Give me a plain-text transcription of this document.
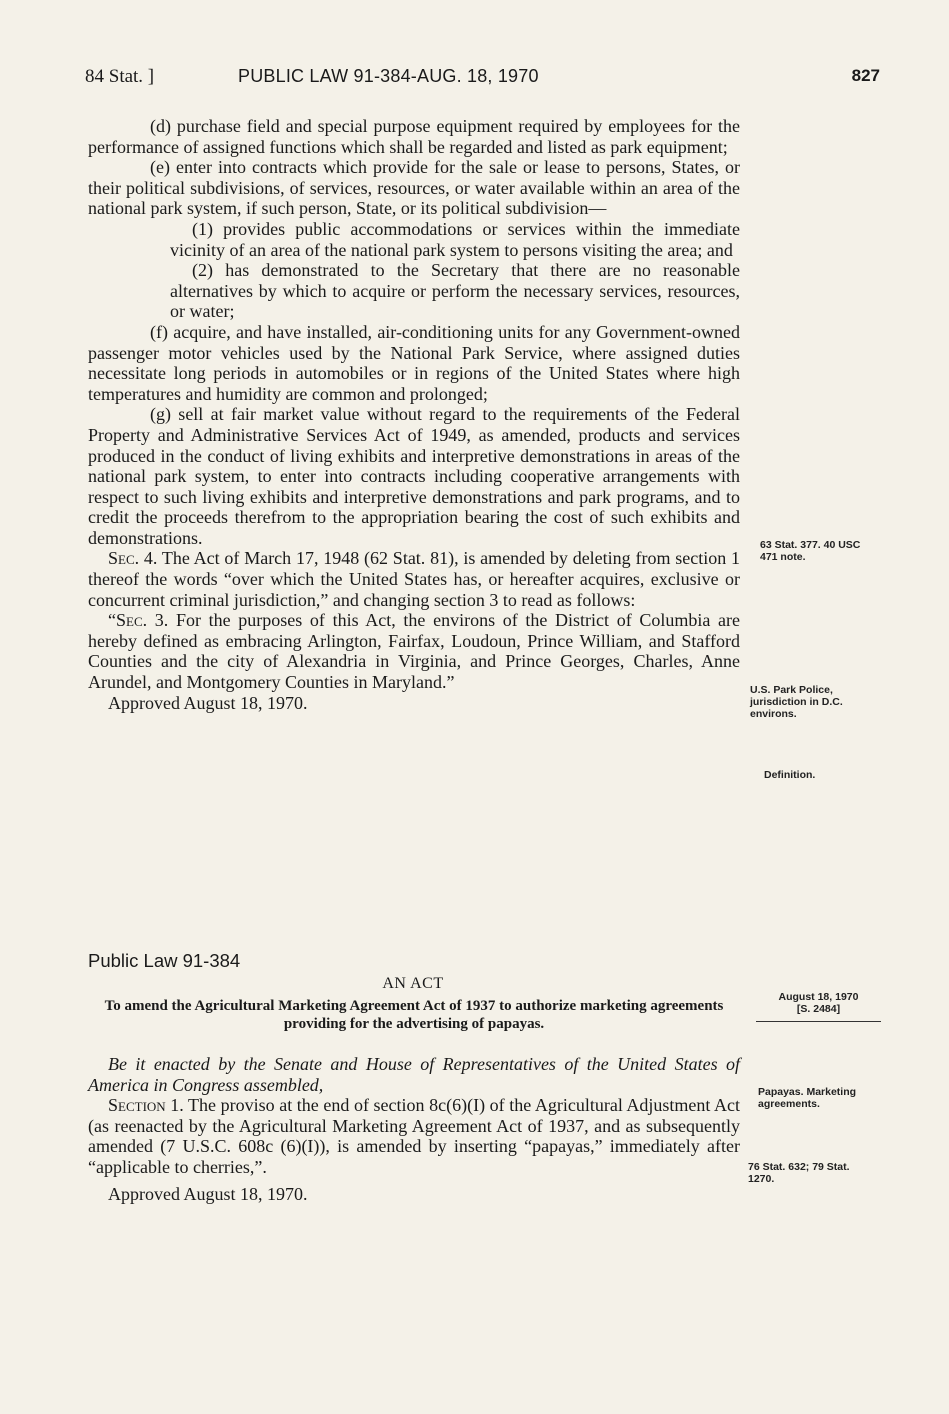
84 Stat. ]	PUBLIC LAW 91-384-AUG. 18, 1970	827

(d) purchase field and special purpose equipment required by employees for the performance of assigned functions which shall be regarded and listed as park equipment;

(e) enter into contracts which provide for the sale or lease to persons, States, or their political subdivisions, of services, resources, or water available within an area of the national park system, if such person, State, or its political subdivision—

(1) provides public accommodations or services within the immediate vicinity of an area of the national park system to persons visiting the area; and

(2) has demonstrated to the Secretary that there are no reasonable alternatives by which to acquire or perform the necessary services, resources, or water;

(f) acquire, and have installed, air-conditioning units for any Government-owned passenger motor vehicles used by the National Park Service, where assigned duties necessitate long periods in automobiles or in regions of the United States where high temperatures and humidity are common and prolonged;

(g) sell at fair market value without regard to the requirements of the Federal Property and Administrative Services Act of 1949, as amended, products and services produced in the conduct of living exhibits and interpretive demonstrations in areas of the national park system, to enter into contracts including cooperative arrangements with respect to such living exhibits and interpretive demonstrations and park programs, and to credit the proceeds therefrom to the appropriation bearing the cost of such exhibits and demonstrations.

Sec. 4. The Act of March 17, 1948 (62 Stat. 81), is amended by deleting from section 1 thereof the words “over which the United States has, or hereafter acquires, exclusive or concurrent criminal jurisdiction,” and changing section 3 to read as follows:

“Sec. 3. For the purposes of this Act, the environs of the District of Columbia are hereby defined as embracing Arlington, Fairfax, Loudoun, Prince William, and Stafford Counties and the city of Alexandria in Virginia, and Prince Georges, Charles, Anne Arundel, and Montgomery Counties in Maryland.”

Approved August 18, 1970.

Public Law 91-384
AN ACT
To amend the Agricultural Marketing Agreement Act of 1937 to authorize marketing agreements providing for the advertising of papayas.

Be it enacted by the Senate and House of Representatives of the United States of America in Congress assembled,

Section 1. The proviso at the end of section 8c(6)(I) of the Agricultural Adjustment Act (as reenacted by the Agricultural Marketing Agreement Act of 1937, and as subsequently amended (7 U.S.C. 608c (6)(I)), is amended by inserting “papayas,” immediately after “applicable to cherries,”.

Approved August 18, 1970.

63 Stat. 377. 40 USC 471 note.
U.S. Park Police, jurisdiction in D.C. environs.
Definition.
August 18, 1970
[S. 2484]
Papayas. Marketing agreements.
76 Stat. 632; 79 Stat. 1270.
